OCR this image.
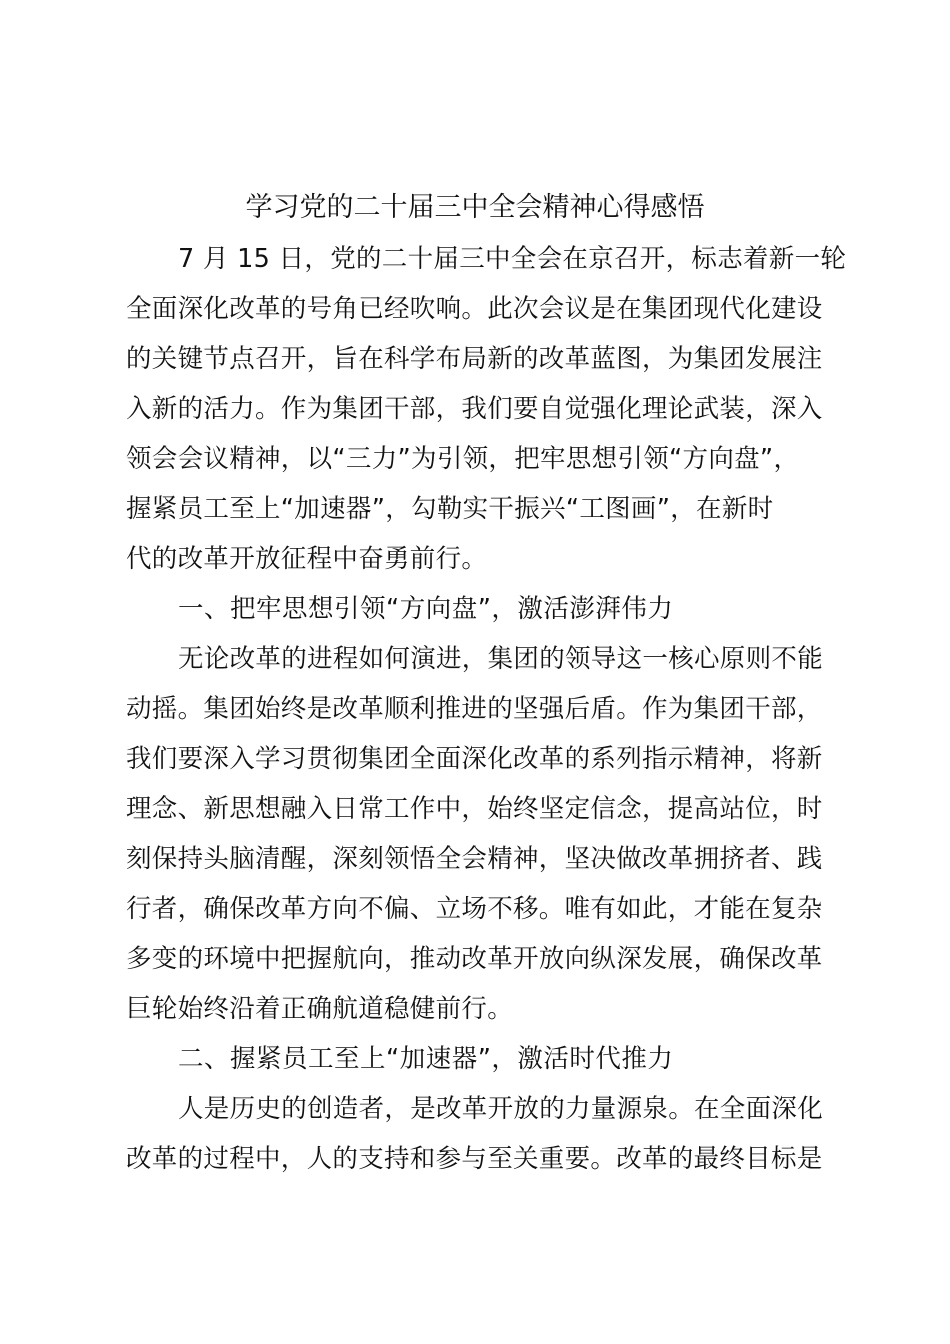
学习党的二十届三中全会精神心得感悟
7 月 15 日，党的二十届三中全会在京召开，标志着新一轮
全面深化改革的号角已经吹响。此次会议是在集团现代化建设
的关键节点召开，旨在科学布局新的改革蓝图，为集团发展注
入新的活力。作为集团干部，我们要自觉强化理论武装，深入
领会会议精神，以“三力”为引领，把牢思想引领“方向盘”，
握紧员工至上“加速器”，勾勒实干振兴“工图画”，在新时
代的改革开放征程中奋勇前行。
一、把牢思想引领“方向盘”，激活澎湃伟力
无论改革的进程如何演进，集团的领导这一核心原则不能
动摇。集团始终是改革顺利推进的坚强后盾。作为集团干部，
我们要深入学习贯彻集团全面深化改革的系列指示精神，将新
理念、新思想融入日常工作中，始终坚定信念，提高站位，时
刻保持头脑清醒，深刻领悟全会精神，坚决做改革拥挤者、践
行者，确保改革方向不偏、立场不移。唯有如此，才能在复杂
多变的环境中把握航向，推动改革开放向纵深发展，确保改革
巨轮始终沿着正确航道稳健前行。
二、握紧员工至上“加速器”，激活时代推力
人是历史的创造者，是改革开放的力量源泉。在全面深化
改革的过程中，人的支持和参与至关重要。改革的最终目标是
